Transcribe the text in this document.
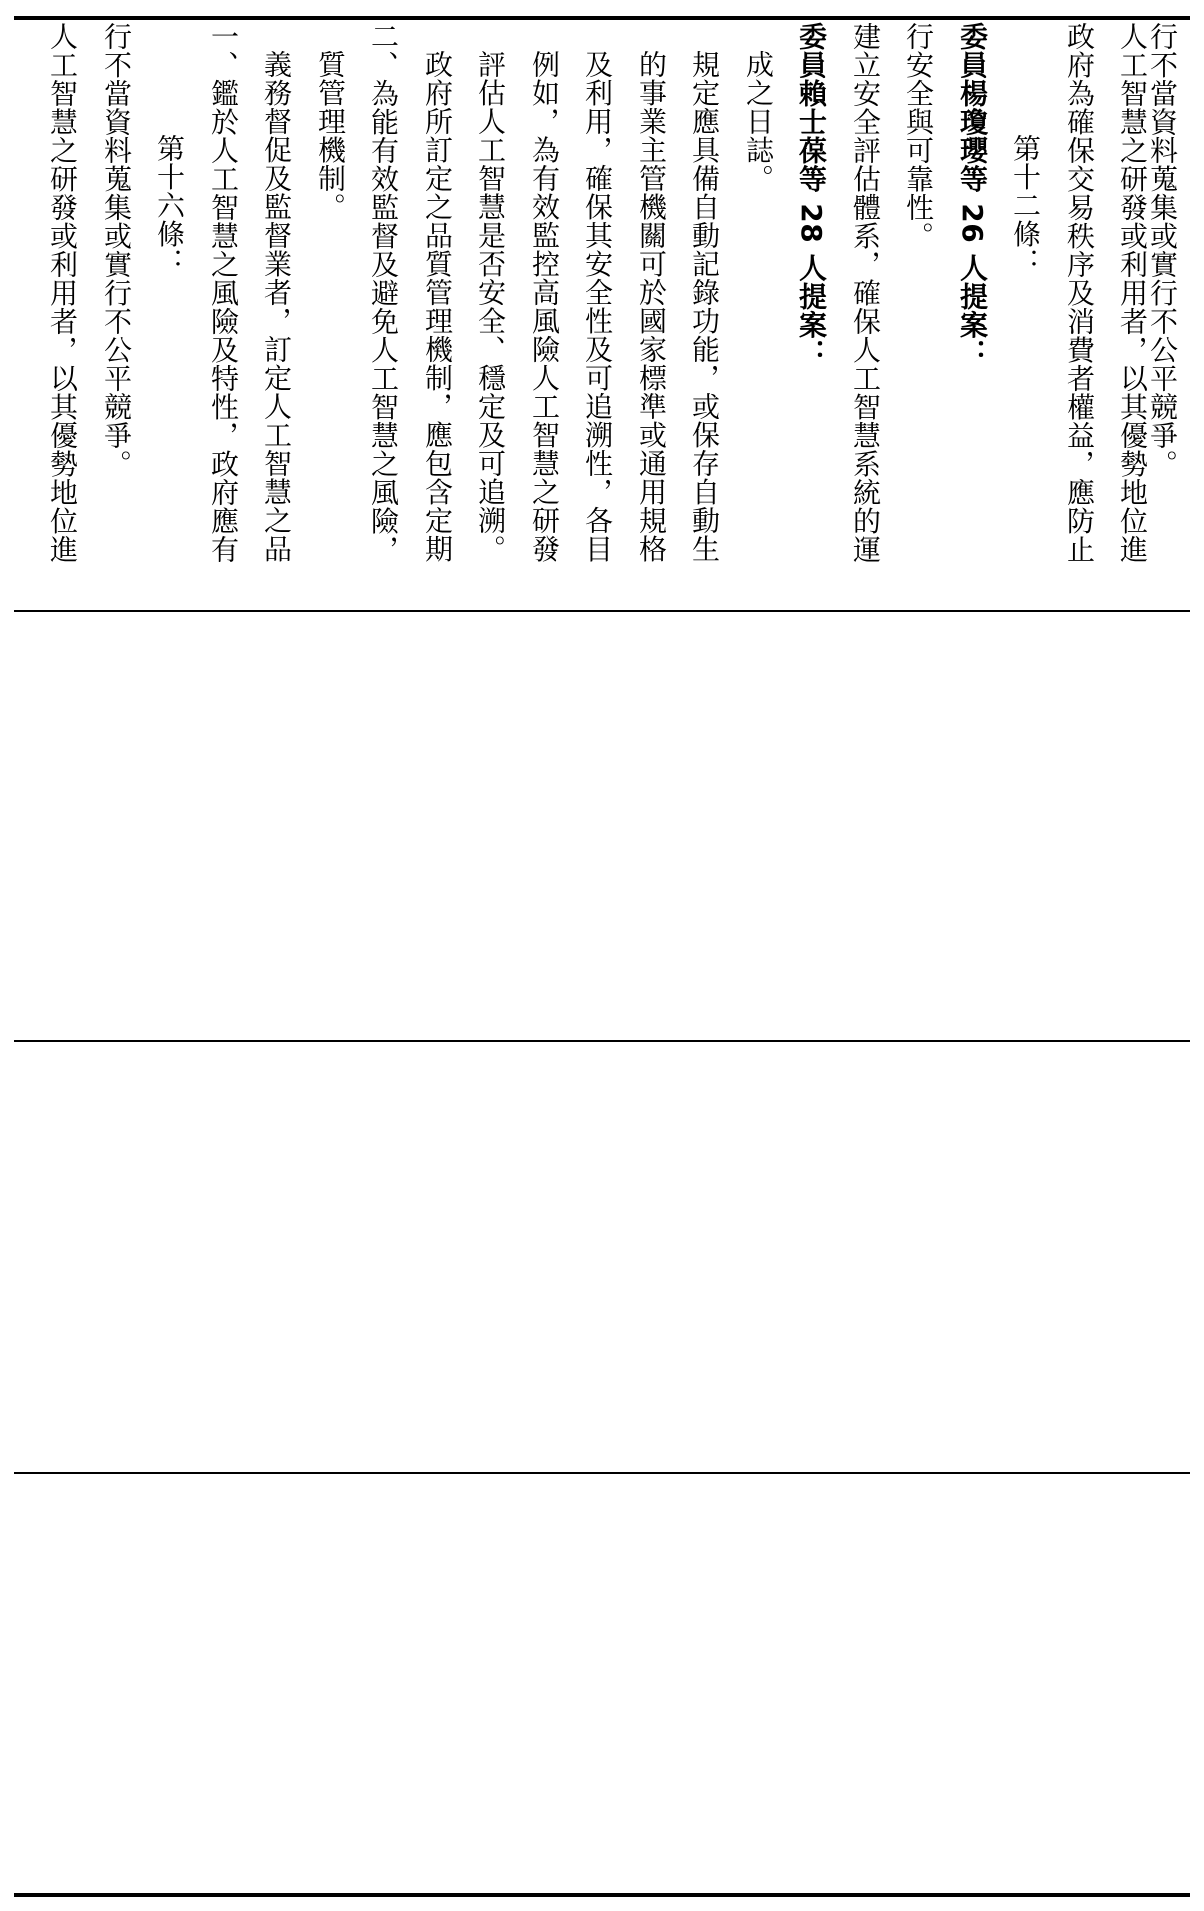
人工智慧之研發或利用者，以其優勢地位進 行不當資料蒐集或實行不公平競爭。 第十六條： 一、鑑於人工智慧之風險及特性，政府應有 義務督促及監督業者，訂定人工智慧之品 質管理機制。 二、為能有效監督及避免人工智慧之風險， 政府所訂定之品質管理機制，應包含定期 評估人工智慧是否安全、穩定及可追溯。 例如，為有效監控高風險人工智慧之研發 及利用，確保其安全性及可追溯性，各目 的事業主管機關可於國家標準或通用規格 規定應具備自動記錄功能，或保存自動生 成之日誌。 委員賴士葆等 28 人提案： 建立安全評估體系，確保人工智慧系統的運 行安全與可靠性。 委員楊瓊瓔等 26 人提案： 第十二條： 政府為確保交易秩序及消費者權益，應防止 人工智慧之研發或利用者，以其優勢地位進
行不當資料蒐集或實行不公平競爭。
